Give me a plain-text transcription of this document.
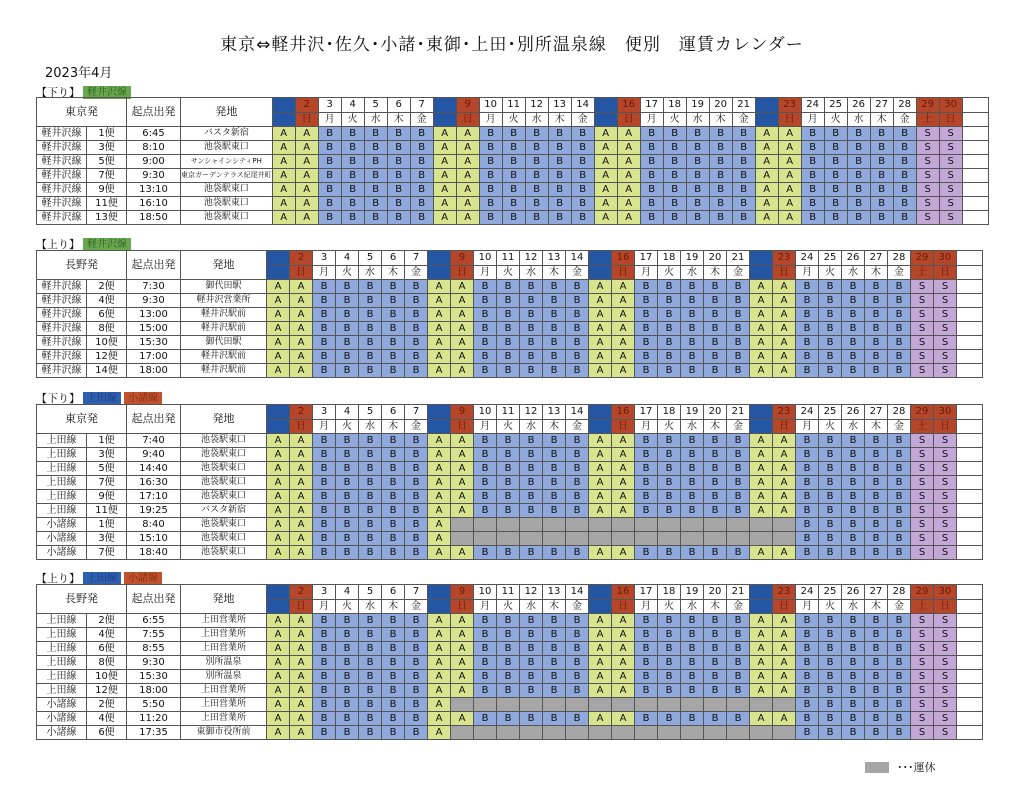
東京⇔軽井沢･佐久･小諸･東御･上田･別所温泉線　便別　運賃カレンダー
2023年4月
【下り】 軽井沢線
東京発		起点出発	発地	1	2	3	4	5	6	7	8	9	10	11	12	13	14	15	16	17	18	19	20	21	22	23	24	25	26	27	28	29	30	
				土	日	月	火	水	木	金	土	日	月	火	水	木	金	土	日	月	火	水	木	金	土	日	月	火	水	木	金	土	日	
軽井沢線	1便	6:45	バスタ新宿	A	A	B	B	B	B	B	A	A	B	B	B	B	B	A	A	B	B	B	B	B	A	A	B	B	B	B	B	S	S	
軽井沢線	3便	8:10	池袋駅東口	A	A	B	B	B	B	B	A	A	B	B	B	B	B	A	A	B	B	B	B	B	A	A	B	B	B	B	B	S	S	
軽井沢線	5便	9:00	サンシャインシティPH	A	A	B	B	B	B	B	A	A	B	B	B	B	B	A	A	B	B	B	B	B	A	A	B	B	B	B	B	S	S	
軽井沢線	7便	9:30	東京ガーデンテラス紀尾井町	A	A	B	B	B	B	B	A	A	B	B	B	B	B	A	A	B	B	B	B	B	A	A	B	B	B	B	B	S	S	
軽井沢線	9便	13:10	池袋駅東口	A	A	B	B	B	B	B	A	A	B	B	B	B	B	A	A	B	B	B	B	B	A	A	B	B	B	B	B	S	S	
軽井沢線	11便	16:10	池袋駅東口	A	A	B	B	B	B	B	A	A	B	B	B	B	B	A	A	B	B	B	B	B	A	A	B	B	B	B	B	S	S	
軽井沢線	13便	18:50	池袋駅東口	A	A	B	B	B	B	B	A	A	B	B	B	B	B	A	A	B	B	B	B	B	A	A	B	B	B	B	B	S	S	
【上り】 軽井沢線
長野発		起点出発	発地	1	2	3	4	5	6	7	8	9	10	11	12	13	14	15	16	17	18	19	20	21	22	23	24	25	26	27	28	29	30	
				土	日	月	火	水	木	金	土	日	月	火	水	木	金	土	日	月	火	水	木	金	土	日	月	火	水	木	金	土	日	
軽井沢線	2便	7:30	御代田駅	A	A	B	B	B	B	B	A	A	B	B	B	B	B	A	A	B	B	B	B	B	A	A	B	B	B	B	B	S	S	
軽井沢線	4便	9:30	軽井沢営業所	A	A	B	B	B	B	B	A	A	B	B	B	B	B	A	A	B	B	B	B	B	A	A	B	B	B	B	B	S	S	
軽井沢線	6便	13:00	軽井沢駅前	A	A	B	B	B	B	B	A	A	B	B	B	B	B	A	A	B	B	B	B	B	A	A	B	B	B	B	B	S	S	
軽井沢線	8便	15:00	軽井沢駅前	A	A	B	B	B	B	B	A	A	B	B	B	B	B	A	A	B	B	B	B	B	A	A	B	B	B	B	B	S	S	
軽井沢線	10便	15:30	御代田駅	A	A	B	B	B	B	B	A	A	B	B	B	B	B	A	A	B	B	B	B	B	A	A	B	B	B	B	B	S	S	
軽井沢線	12便	17:00	軽井沢駅前	A	A	B	B	B	B	B	A	A	B	B	B	B	B	A	A	B	B	B	B	B	A	A	B	B	B	B	B	S	S	
軽井沢線	14便	18:00	軽井沢駅前	A	A	B	B	B	B	B	A	A	B	B	B	B	B	A	A	B	B	B	B	B	A	A	B	B	B	B	B	S	S	
【下り】 上田線	小諸線
東京発		起点出発	発地	1	2	3	4	5	6	7	8	9	10	11	12	13	14	15	16	17	18	19	20	21	22	23	24	25	26	27	28	29	30	
				土	日	月	火	水	木	金	土	日	月	火	水	木	金	土	日	月	火	水	木	金	土	日	月	火	水	木	金	土	日	
上田線	1便	7:40	池袋駅東口	A	A	B	B	B	B	B	A	A	B	B	B	B	B	A	A	B	B	B	B	B	A	A	B	B	B	B	B	S	S	
上田線	3便	9:40	池袋駅東口	A	A	B	B	B	B	B	A	A	B	B	B	B	B	A	A	B	B	B	B	B	A	A	B	B	B	B	B	S	S	
上田線	5便	14:40	池袋駅東口	A	A	B	B	B	B	B	A	A	B	B	B	B	B	A	A	B	B	B	B	B	A	A	B	B	B	B	B	S	S	
上田線	7便	16:30	池袋駅東口	A	A	B	B	B	B	B	A	A	B	B	B	B	B	A	A	B	B	B	B	B	A	A	B	B	B	B	B	S	S	
上田線	9便	17:10	池袋駅東口	A	A	B	B	B	B	B	A	A	B	B	B	B	B	A	A	B	B	B	B	B	A	A	B	B	B	B	B	S	S	
上田線	11便	19:25	バスタ新宿	A	A	B	B	B	B	B	A	A	B	B	B	B	B	A	A	B	B	B	B	B	A	A	B	B	B	B	B	S	S	
小諸線	1便	8:40	池袋駅東口	A	A	B	B	B	B	B	A																B	B	B	B	B	S	S	
小諸線	3便	15:10	池袋駅東口	A	A	B	B	B	B	B	A																B	B	B	B	B	S	S	
小諸線	7便	18:40	池袋駅東口	A	A	B	B	B	B	B	A	A	B	B	B	B	B	A	A	B	B	B	B	B	A	A	B	B	B	B	B	S	S	
【上り】 上田線	小諸線
長野発		起点出発	発地	1	2	3	4	5	6	7	8	9	10	11	12	13	14	15	16	17	18	19	20	21	22	23	24	25	26	27	28	29	30	
				土	日	月	火	水	木	金	土	日	月	火	水	木	金	土	日	月	火	水	木	金	土	日	月	火	水	木	金	土	日	
上田線	2便	6:55	上田営業所	A	A	B	B	B	B	B	A	A	B	B	B	B	B	A	A	B	B	B	B	B	A	A	B	B	B	B	B	S	S	
上田線	4便	7:55	上田営業所	A	A	B	B	B	B	B	A	A	B	B	B	B	B	A	A	B	B	B	B	B	A	A	B	B	B	B	B	S	S	
上田線	6便	8:55	上田営業所	A	A	B	B	B	B	B	A	A	B	B	B	B	B	A	A	B	B	B	B	B	A	A	B	B	B	B	B	S	S	
上田線	8便	9:30	別所温泉	A	A	B	B	B	B	B	A	A	B	B	B	B	B	A	A	B	B	B	B	B	A	A	B	B	B	B	B	S	S	
上田線	10便	15:30	別所温泉	A	A	B	B	B	B	B	A	A	B	B	B	B	B	A	A	B	B	B	B	B	A	A	B	B	B	B	B	S	S	
上田線	12便	18:00	上田営業所	A	A	B	B	B	B	B	A	A	B	B	B	B	B	A	A	B	B	B	B	B	A	A	B	B	B	B	B	S	S	
小諸線	2便	5:50	上田営業所	A	A	B	B	B	B	B	A																B	B	B	B	B	S	S	
小諸線	4便	11:20	上田営業所	A	A	B	B	B	B	B	A	A	B	B	B	B	B	A	A	B	B	B	B	B	A	A	B	B	B	B	B	S	S	
小諸線	6便	17:35	東御市役所前	A	A	B	B	B	B	B	A																B	B	B	B	B	S	S	
･･･運休
